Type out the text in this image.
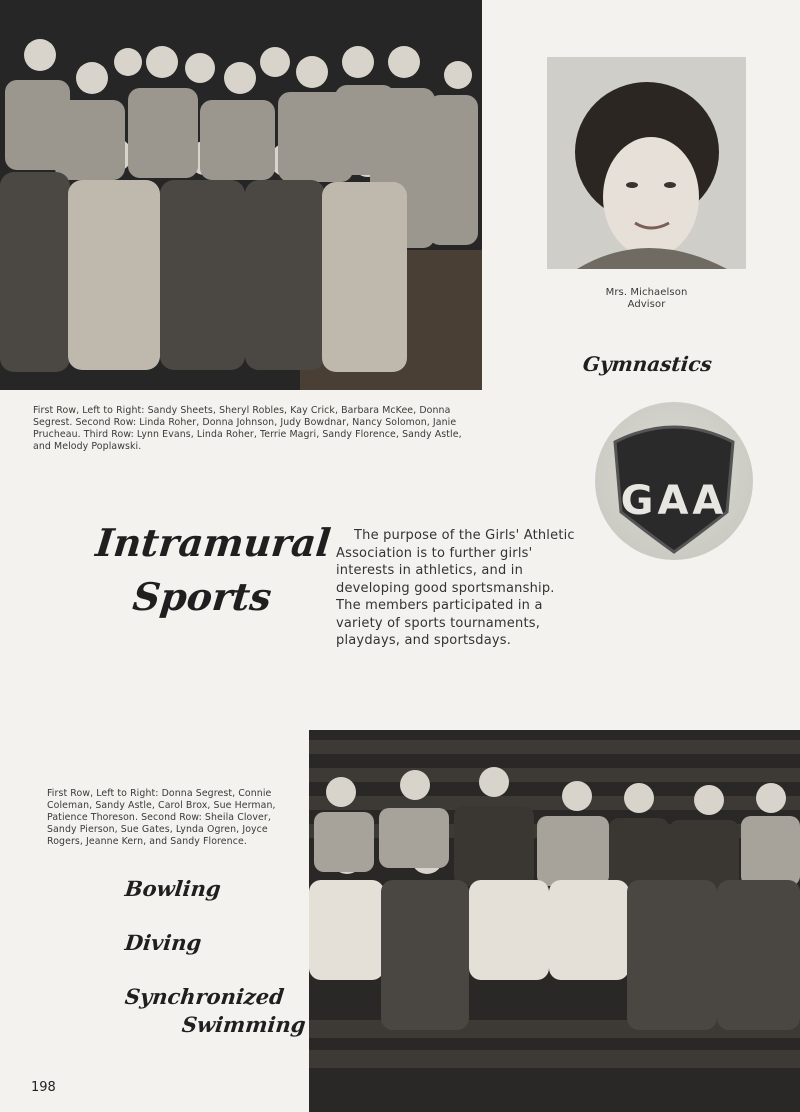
Mrs. Michaelson
Advisor
Gymnastics
First Row, Left to Right: Sandy Sheets, Sheryl Robles, Kay Crick, Barbara McKee, Donna Segrest. Second Row: Linda Roher, Donna Johnson, Judy Bowdnar, Nancy Solomon, Janie Prucheau. Third Row: Lynn Evans, Linda Roher, Terrie Magri, Sandy Florence, Sandy Astle, and Melody Poplawski.
GAA
Intramural
Sports
The purpose of the Girls' Athletic Association is to further girls' interests in athletics, and in developing good sportsmanship. The members participated in a variety of sports tournaments, playdays, and sportsdays.
First Row, Left to Right: Donna Segrest, Connie Coleman, Sandy Astle, Carol Brox, Sue Herman, Patience Thoreson. Second Row: Sheila Clover, Sandy Pierson, Sue Gates, Lynda Ogren, Joyce Rogers, Jeanne Kern, and Sandy Florence.
Bowling
Diving
Synchronized
Swimming
198
